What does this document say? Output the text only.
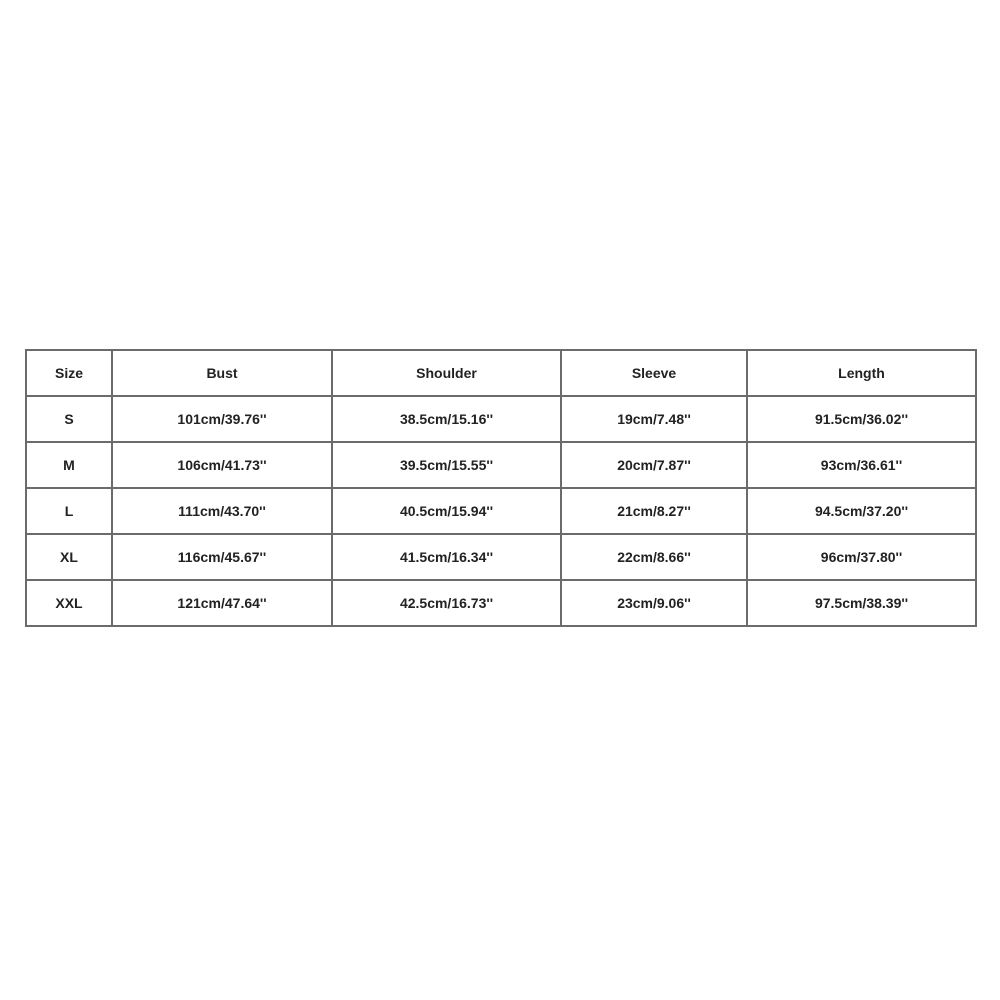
Size	Bust	Shoulder	Sleeve	Length
S	101cm/39.76''	38.5cm/15.16''	19cm/7.48''	91.5cm/36.02''
M	106cm/41.73''	39.5cm/15.55''	20cm/7.87''	93cm/36.61''
L	111cm/43.70''	40.5cm/15.94''	21cm/8.27''	94.5cm/37.20''
XL	116cm/45.67''	41.5cm/16.34''	22cm/8.66''	96cm/37.80''
XXL	121cm/47.64''	42.5cm/16.73''	23cm/9.06''	97.5cm/38.39''
